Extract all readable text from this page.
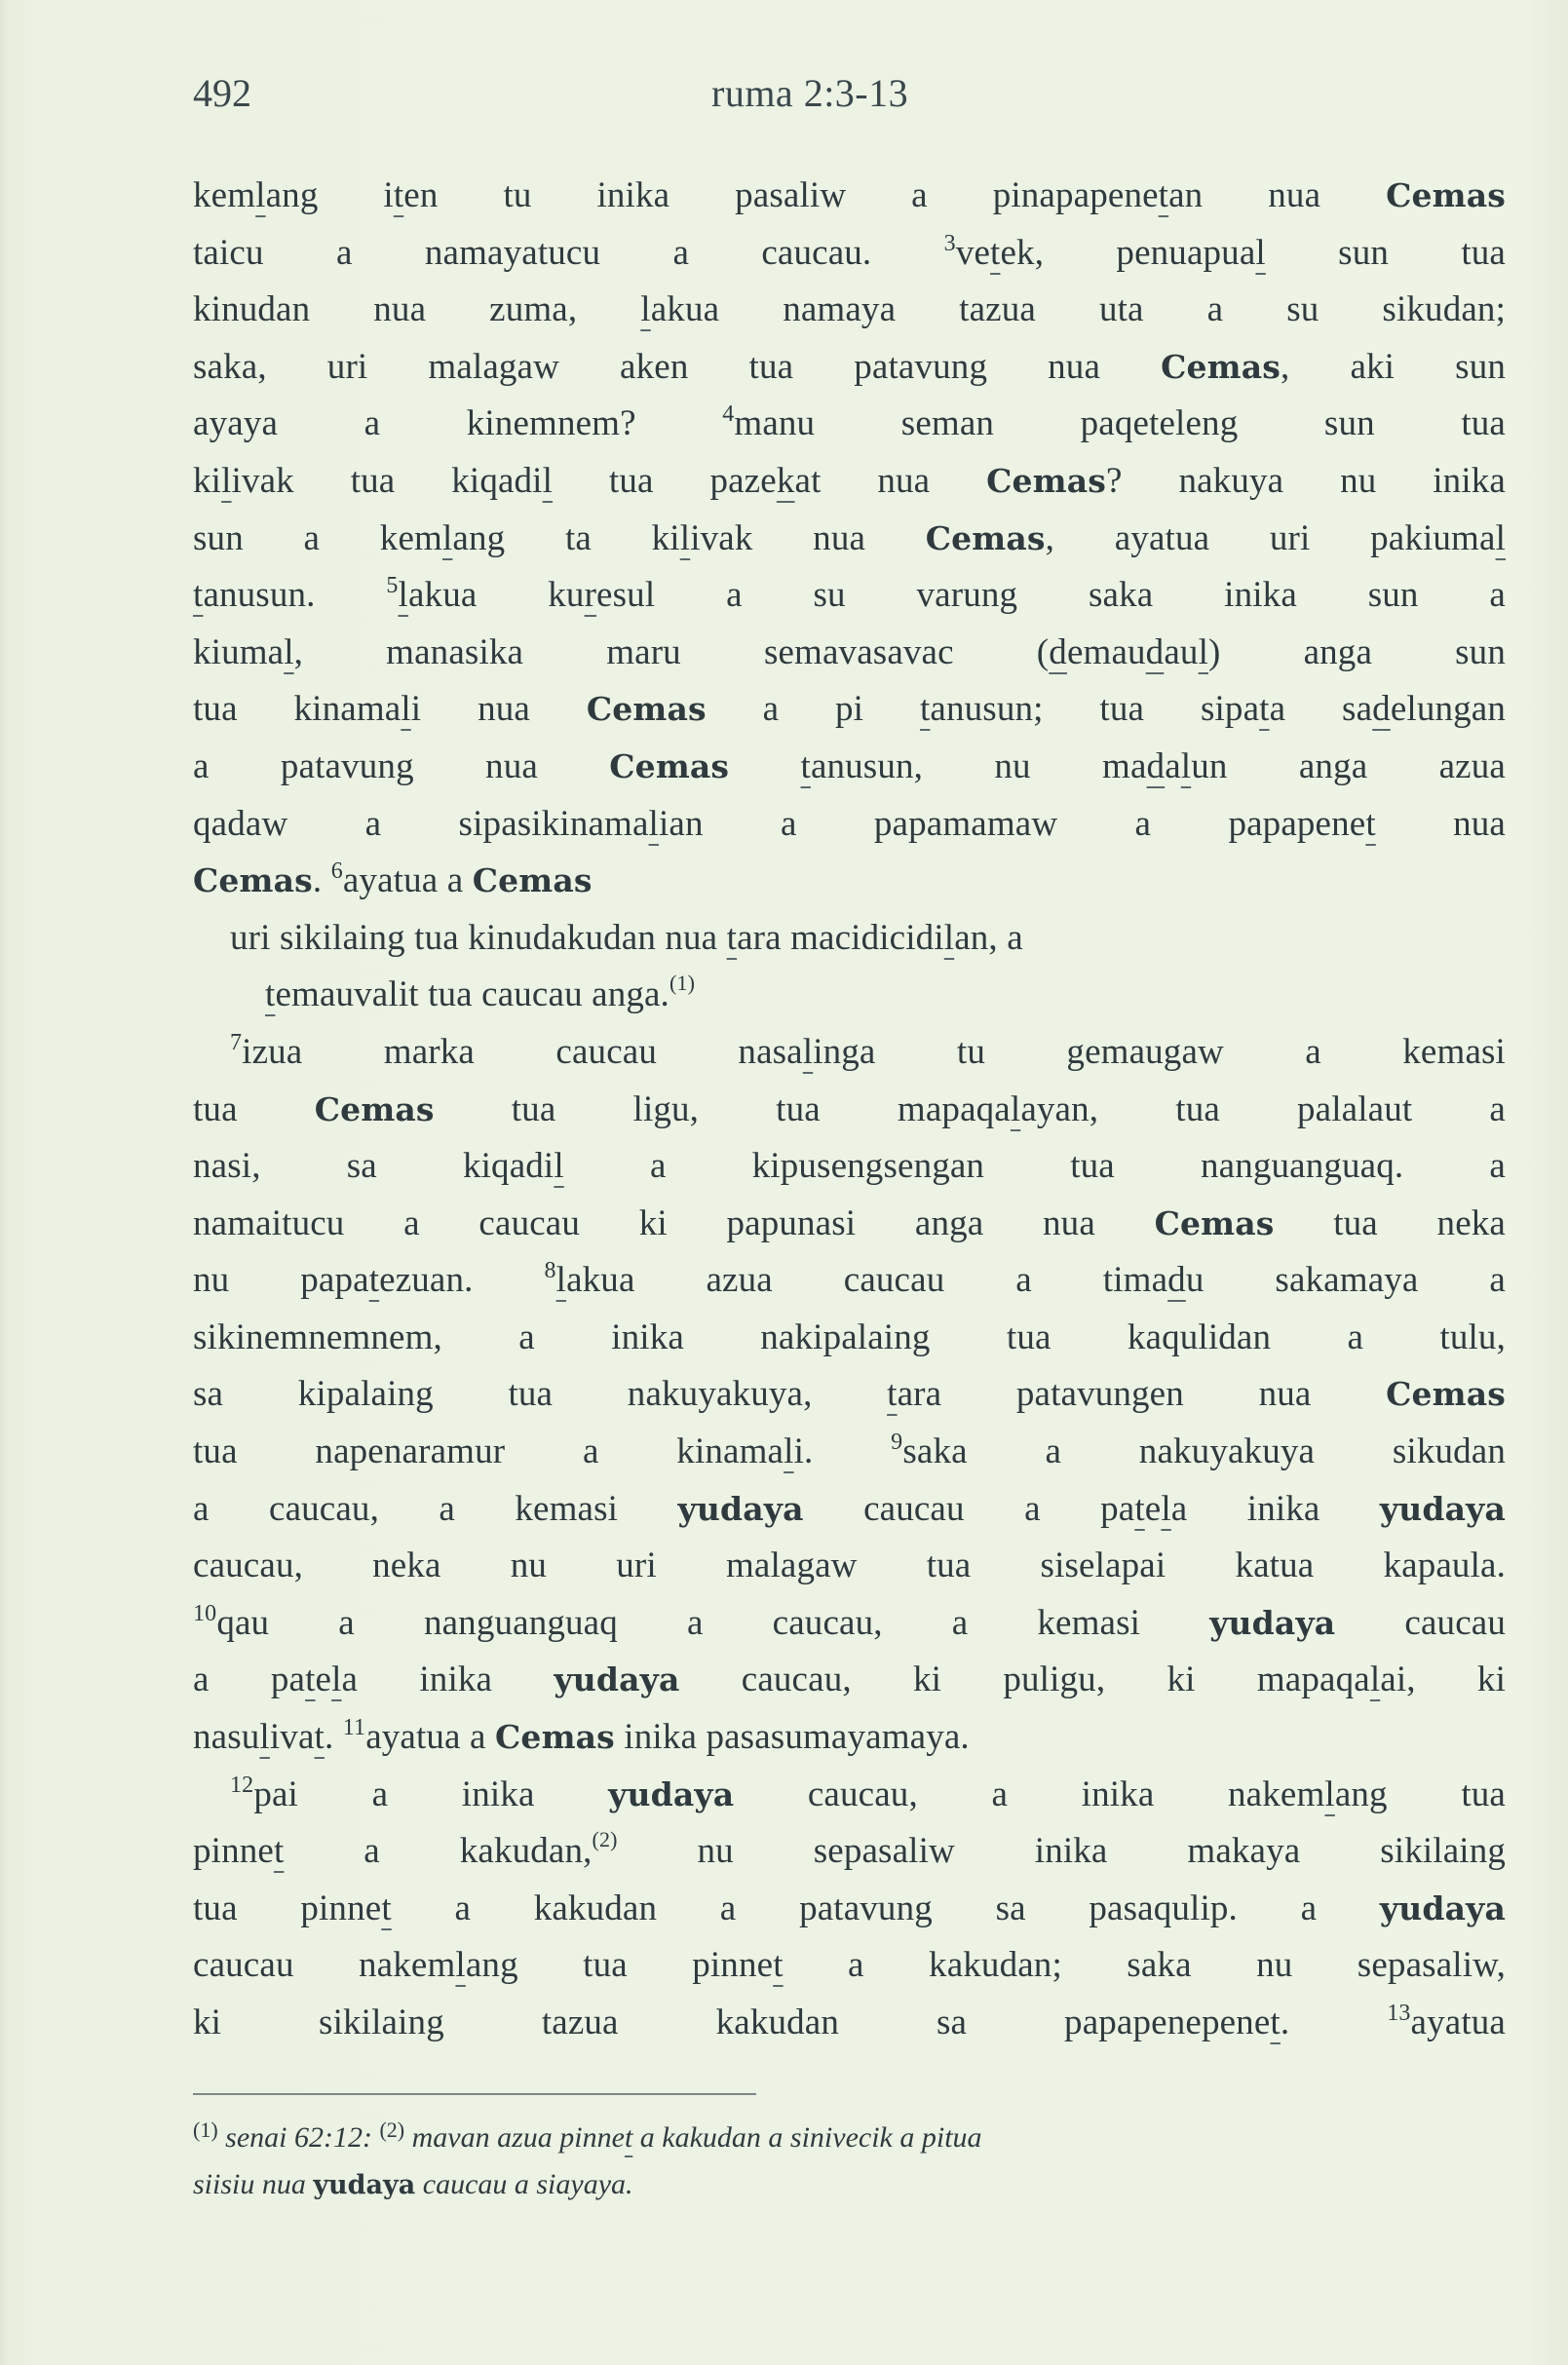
492	ruma 2:3-13
kemlang iten tu inika pasaliw a pinapapenetan nua Cemas
taicu a namayatucu a caucau. $^3$vetek, penuapual sun tua
kinudan nua zuma, lakua namaya tazua uta a su sikudan;
saka, uri malagaw aken tua patavung nua Cemas, aki sun
ayaya a kinemnem? $^4$manu seman paqeteleng sun tua
kilivak tua kiqadil tua pazekat nua Cemas? nakuya nu inika
sun a kemlang ta kilivak nua Cemas, ayatua uri pakiumal
tanusun. $^5$lakua kuresul a su varung saka inika sun a
kiumal, manasika maru semavasavac (demaudaul) anga sun
tua kinamali nua Cemas a pi tanusun; tua sipata sadelungan
a patavung nua Cemas tanusun, nu madalun anga azua
qadaw a sipasikinamalian a papamamaw a papapenet nua
Cemas. $^6$ayatua a Cemas
uri sikilaing tua kinudakudan nua tara macidicidilan, a
temauvalit tua caucau anga.$^{(1)}$
$^7$izua marka caucau nasalinga tu gemaugaw a kemasi
tua Cemas tua ligu, tua mapaqalayan, tua palalaut a
nasi, sa kiqadil a kipusengsengan tua nanguanguaq. a
namaitucu a caucau ki papunasi anga nua Cemas tua neka
nu papatezuan. $^8$lakua azua caucau a timadu sakamaya a
sikinemnemnem, a inika nakipalaing tua kaqulidan a tulu,
sa kipalaing tua nakuyakuya, tara patavungen nua Cemas
tua napenaramur a kinamali. $^9$saka a nakuyakuya sikudan
a caucau, a kemasi yudaya caucau a patela inika yudaya
caucau, neka nu uri malagaw tua siselapai katua kapaula.
$^{10}$qau a nanguanguaq a caucau, a kemasi yudaya caucau
a patela inika yudaya caucau, ki puligu, ki mapaqalai, ki
nasulivat. $^{11}$ayatua a Cemas inika pasasumayamaya.
$^{12}$pai a inika yudaya caucau, a inika nakemlang tua
pinnet a kakudan,$^{(2)}$ nu sepasaliw inika makaya sikilaing
tua pinnet a kakudan a patavung sa pasaqulip. a yudaya
caucau nakemlang tua pinnet a kakudan; saka nu sepasaliw,
ki sikilaing tazua kakudan sa papapenepenet. $^{13}$ayatua
$^{(1)}$ senai 62:12: $^{(2)}$ mavan azua pinnet a kakudan a sinivecik a pitua
siisiu nua yudaya caucau a siayaya.
